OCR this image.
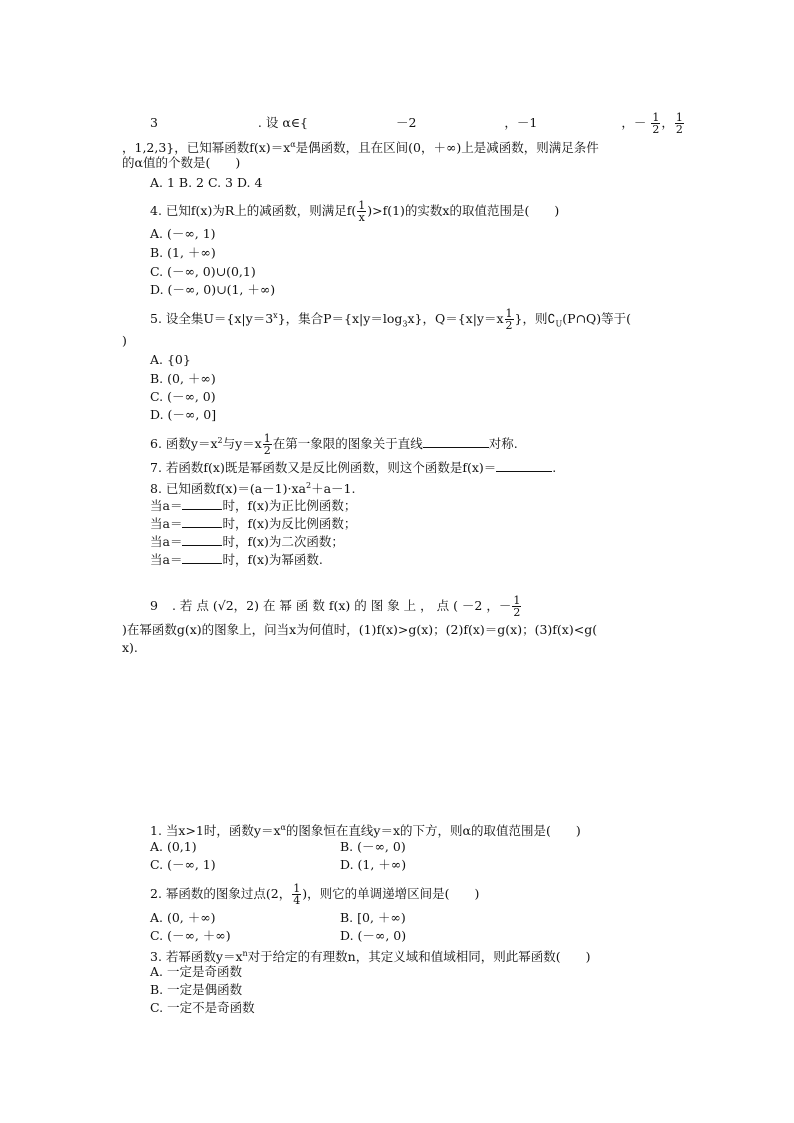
3	. 设 α∈{	－2	，－1	，－ $\frac{1}{2}$ ， $\frac{1}{2}$
，1,2,3}，已知幂函数$f(x)=x^\alpha$是偶函数，且在区间(0，＋∞)上是减函数，则满足条件
的α值的个数是(　　)
A. 1 B. 2 C. 3 D. 4
4. 已知f(x)为R上的减函数，则满足$f( \frac{1}{x} )>f(1)$的实数x的取值范围是(　　)
A. (－∞, 1)
B. (1, ＋∞)
C. (－∞, 0)∪(0,1)
D. (－∞, 0)∪(1, ＋∞)
5. 设全集$U=\{x|y=3^x\}$，集合$P=\{x|y=\log_3x\}$，$Q=\{x|y=x \frac{1}{2}$ }，则$∁_U(P\cap Q)$等于(
)
A. {0}
B. (0, ＋∞)
C. (－∞, 0)
D. (－∞, 0]
6. 函数$y=x^2$与$y=x \frac{1}{2}$ 在第一象限的图象关于直线	对称.
7. 若函数f(x)既是幂函数又是反比例函数，则这个函数是f(x)＝	.
8. 已知函数$f(x)=(a-1)\cdot xa^2+a-1$.
当a＝	时，f(x)为正比例函数；
当a＝	时，f(x)为反比例函数；
当a＝	时，f(x)为二次函数；
当a＝	时，f(x)为幂函数.
9 . 若 点 (√2，2) 在 幂 函 数 f(x) 的 图 象 上 ， 点 ( －2 ，－ $\frac{1}{2}$
)在幂函数g(x)的图象上，问当x为何值时，(1)f(x)>g(x)；(2)f(x)＝g(x)；(3)f(x)<g(
x).
1. 当x>1时，函数$y=x^\alpha$的图象恒在直线y＝x的下方，则α的取值范围是(　　)
A. (0,1)	B. (－∞, 0)
C. (－∞, 1)	D. (1, ＋∞)
2. 幂函数的图象过点(2， $\frac{1}{4}$ )，则它的单调递增区间是(　　)
A. (0, ＋∞)	B. [0, ＋∞)
C. (－∞, ＋∞)	D. (－∞, 0)
3. 若幂函数$y=x^n$对于给定的有理数n，其定义域和值域相同，则此幂函数(　　)
A. 一定是奇函数
B. 一定是偶函数
C. 一定不是奇函数
